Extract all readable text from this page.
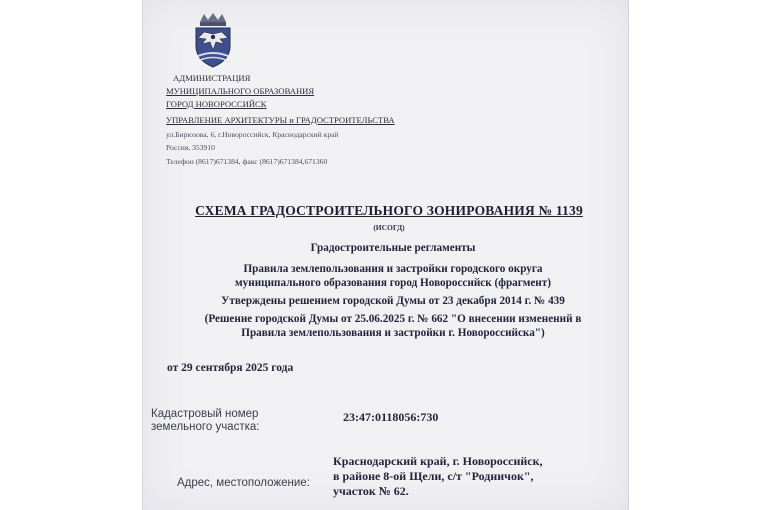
АДМИНИСТРАЦИЯ
МУНИЦИПАЛЬНОГО ОБРАЗОВАНИЯ
ГОРОД НОВОРОССИЙСК
УПРАВЛЕНИЕ АРХИТЕКТУРЫ и ГРАДОСТРОИТЕЛЬСТВА
ул.Бирюзова, 6, г.Новороссийск, Краснодарский край
Россия, 353910
Телефон (8617)671384, факс (8617)671384,671360
СХЕМА ГРАДОСТРОИТЕЛЬНОГО ЗОНИРОВАНИЯ № 1139
(ИСОГД)
Градостроительные регламенты
Правила землепользования и застройки городского округа
муниципального образования город Новороссийск (фрагмент)
Утверждены решением городской Думы от 23 декабря 2014 г. № 439
(Решение городской Думы от 25.06.2025 г. № 662 "О внесении изменений в
Правила землепользования и застройки г. Новороссийска")
от 29 сентября 2025 года
Кадастровый номер
земельного участка:
23:47:0118056:730
Адрес, местоположение:
Краснодарский край, г. Новороссийск,
в районе 8-ой Щели, с/т "Родничок",
участок № 62.
